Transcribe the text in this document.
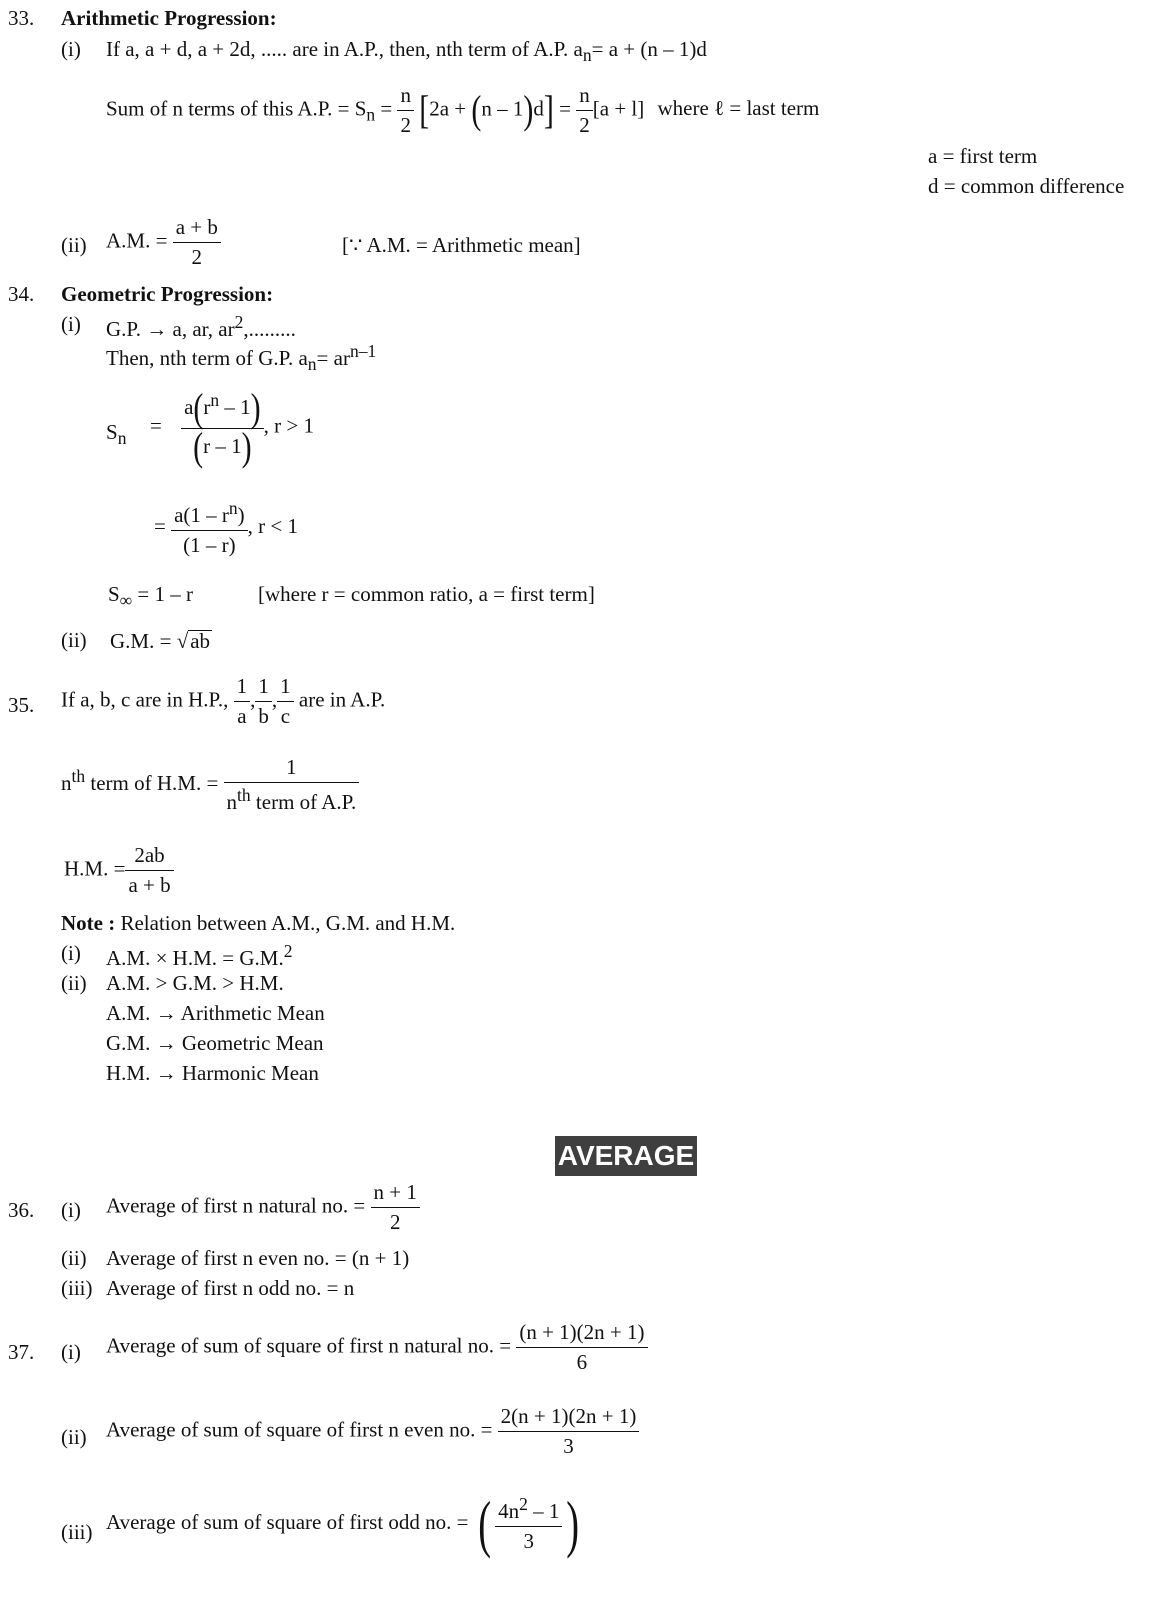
33. Arithmetic Progression:
(i) If a, a + d, a + 2d, ..... are in A.P., then, nth term of A.P. $a_n= a + (n - 1)d$
Sum of n terms of this A.P. = $S_n = \frac{n}{2} [2a + (n - 1)d] = \frac{n}{2} [a + l]$ where ℓ = last term
a = first term
d = common difference
(ii) A.M. = $\frac{a + b}{2}$	[∵ A.M. = Arithmetic mean]
34. Geometric Progression:
(i) G.P. → a, ar, $ar^2$,.........
Then, nth term of G.P. $a_n= ar^{n-1}$
$S_n$
= $\frac{a(r^n - 1)}{(r - 1)}$ , r > 1
= $\frac{a(1 - r^n)}{(1 - r)}$ , r < 1
$S_\infty = 1 - r$	[where r = common ratio, a = first term]
(ii) G.M. = √ab
35. If a, b, c are in H.P., $\frac{1}{a}$ , $\frac{1}{b}$ , $\frac{1}{c}$ are in A.P.
$n^{th}$ term of H.M. = $\frac{1}{n^{th} term of A.P.}$
H.M. = $\frac{2ab}{a + b}$
Note : Relation between A.M., G.M. and H.M.
(i) A.M. × H.M. = G.M.$^2$
(ii) A.M. > G.M. > H.M.
A.M. → Arithmetic Mean
G.M. → Geometric Mean
H.M. → Harmonic Mean
AVERAGE
36. (i) Average of first n natural no. = $\frac{n + 1}{2}$
(ii) Average of first n even no. = (n + 1)
(iii) Average of first n odd no. = n
37. (i) Average of sum of square of first n natural no. = $\frac{(n + 1)(2n + 1)}{6}$
(ii) Average of sum of square of first n even no. = $\frac{2(n + 1)(2n + 1)}{3}$
(iii) Average of sum of square of first odd no. = ( $\frac{4n^2 - 1}{3}$ )
